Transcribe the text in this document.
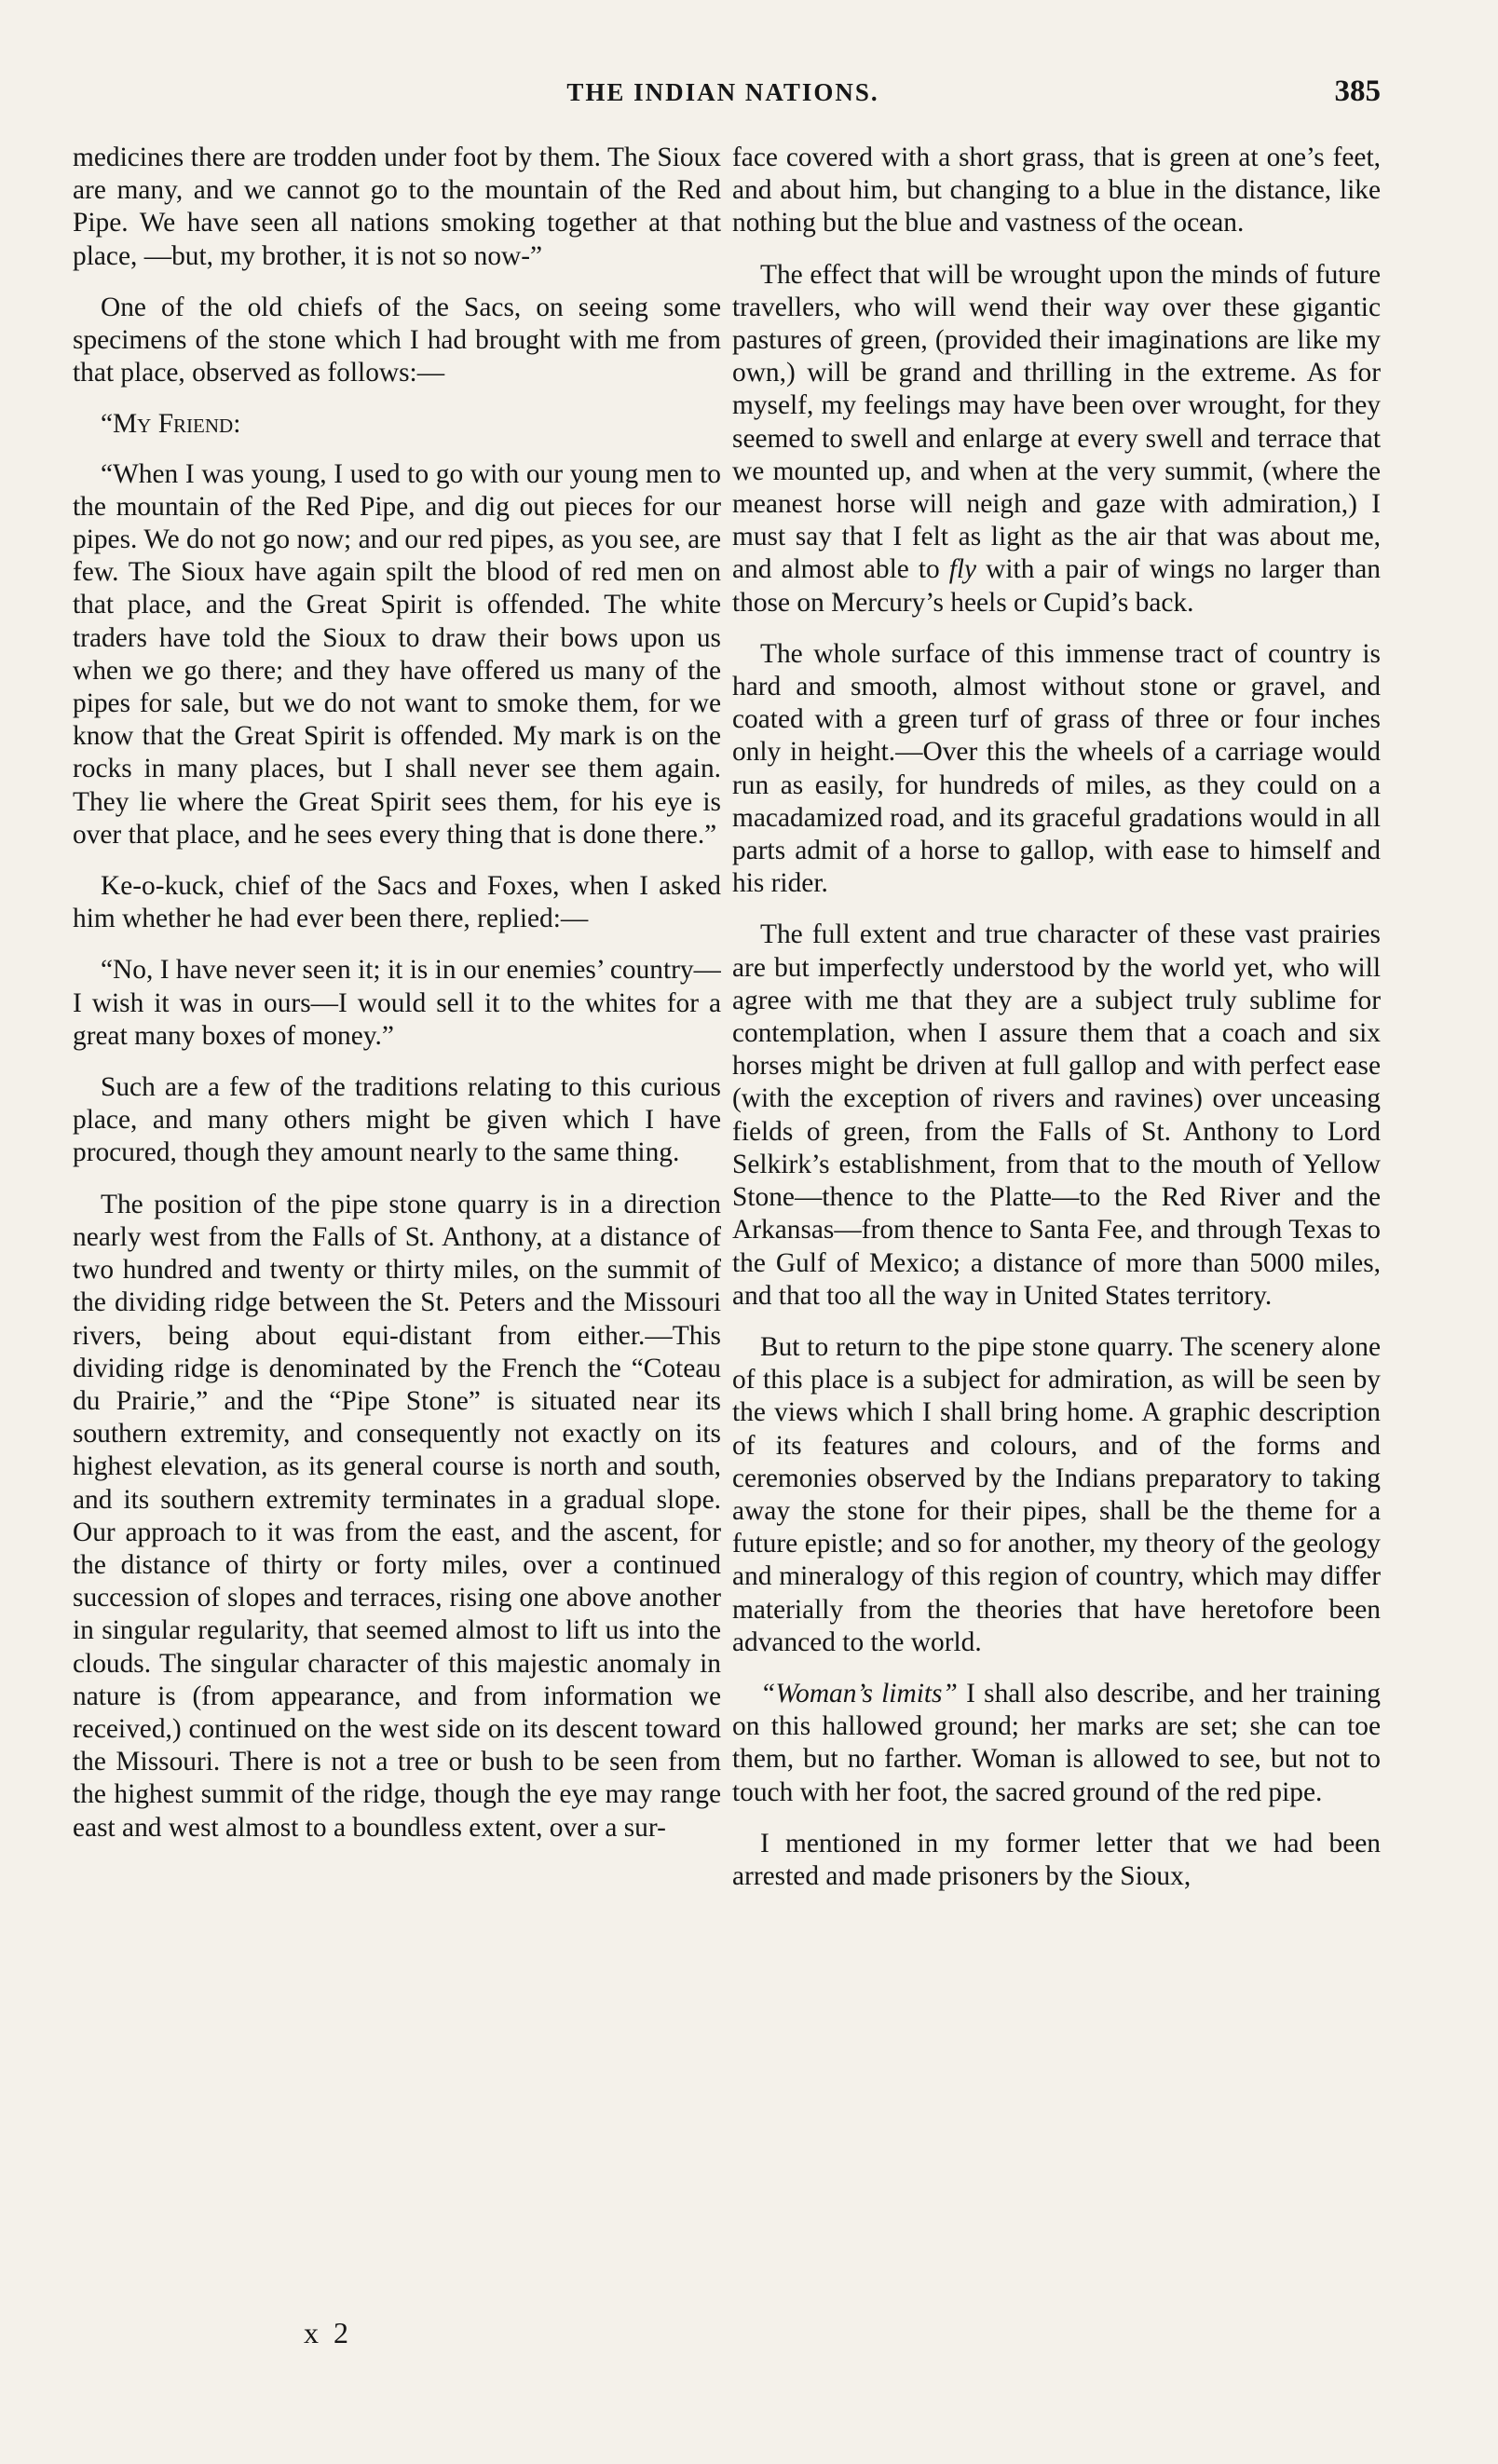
THE INDIAN NATIONS.	385

medicines there are trodden under foot by them. The Sioux are many, and we cannot go to the mountain of the Red Pipe. We have seen all nations smoking together at that place, —but, my brother, it is not so now-”

One of the old chiefs of the Sacs, on seeing some specimens of the stone which I had brought with me from that place, observed as follows:—

“My Friend:

“When I was young, I used to go with our young men to the mountain of the Red Pipe, and dig out pieces for our pipes. We do not go now; and our red pipes, as you see, are few. The Sioux have again spilt the blood of red men on that place, and the Great Spirit is offended. The white traders have told the Sioux to draw their bows upon us when we go there; and they have offered us many of the pipes for sale, but we do not want to smoke them, for we know that the Great Spirit is offended. My mark is on the rocks in many places, but I shall never see them again. They lie where the Great Spirit sees them, for his eye is over that place, and he sees every thing that is done there.”

Ke-o-kuck, chief of the Sacs and Foxes, when I asked him whether he had ever been there, replied:—

“No, I have never seen it; it is in our enemies’ country—I wish it was in ours—I would sell it to the whites for a great many boxes of money.”

Such are a few of the traditions relating to this curious place, and many others might be given which I have procured, though they amount nearly to the same thing.

The position of the pipe stone quarry is in a direction nearly west from the Falls of St. Anthony, at a distance of two hundred and twenty or thirty miles, on the summit of the dividing ridge between the St. Peters and the Missouri rivers, being about equi-distant from either.—This dividing ridge is denominated by the French the “Coteau du Prairie,” and the “Pipe Stone” is situated near its southern extremity, and consequently not exactly on its highest elevation, as its general course is north and south, and its southern extremity terminates in a gradual slope. Our approach to it was from the east, and the ascent, for the distance of thirty or forty miles, over a continued succession of slopes and terraces, rising one above another in singular regularity, that seemed almost to lift us into the clouds. The singular character of this majestic anomaly in nature is (from appearance, and from information we received,) continued on the west side on its descent toward the Missouri. There is not a tree or bush to be seen from the highest summit of the ridge, though the eye may range east and west almost to a boundless extent, over a sur-

face covered with a short grass, that is green at one’s feet, and about him, but changing to a blue in the distance, like nothing but the blue and vastness of the ocean.

The effect that will be wrought upon the minds of future travellers, who will wend their way over these gigantic pastures of green, (provided their imaginations are like my own,) will be grand and thrilling in the extreme. As for myself, my feelings may have been over wrought, for they seemed to swell and enlarge at every swell and terrace that we mounted up, and when at the very summit, (where the meanest horse will neigh and gaze with admiration,) I must say that I felt as light as the air that was about me, and almost able to fly with a pair of wings no larger than those on Mercury’s heels or Cupid’s back.

The whole surface of this immense tract of country is hard and smooth, almost without stone or gravel, and coated with a green turf of grass of three or four inches only in height.—Over this the wheels of a carriage would run as easily, for hundreds of miles, as they could on a macadamized road, and its graceful gradations would in all parts admit of a horse to gallop, with ease to himself and his rider.

The full extent and true character of these vast prairies are but imperfectly understood by the world yet, who will agree with me that they are a subject truly sublime for contemplation, when I assure them that a coach and six horses might be driven at full gallop and with perfect ease (with the exception of rivers and ravines) over unceasing fields of green, from the Falls of St. Anthony to Lord Selkirk’s establishment, from that to the mouth of Yellow Stone—thence to the Platte—to the Red River and the Arkansas—from thence to Santa Fee, and through Texas to the Gulf of Mexico; a distance of more than 5000 miles, and that too all the way in United States territory.

But to return to the pipe stone quarry. The scenery alone of this place is a subject for admiration, as will be seen by the views which I shall bring home. A graphic description of its features and colours, and of the forms and ceremonies observed by the Indians preparatory to taking away the stone for their pipes, shall be the theme for a future epistle; and so for another, my theory of the geology and mineralogy of this region of country, which may differ materially from the theories that have heretofore been advanced to the world.

“Woman’s limits” I shall also describe, and her training on this hallowed ground; her marks are set; she can toe them, but no farther. Woman is allowed to see, but not to touch with her foot, the sacred ground of the red pipe.

I mentioned in my former letter that we had been arrested and made prisoners by the Sioux,

x 2
